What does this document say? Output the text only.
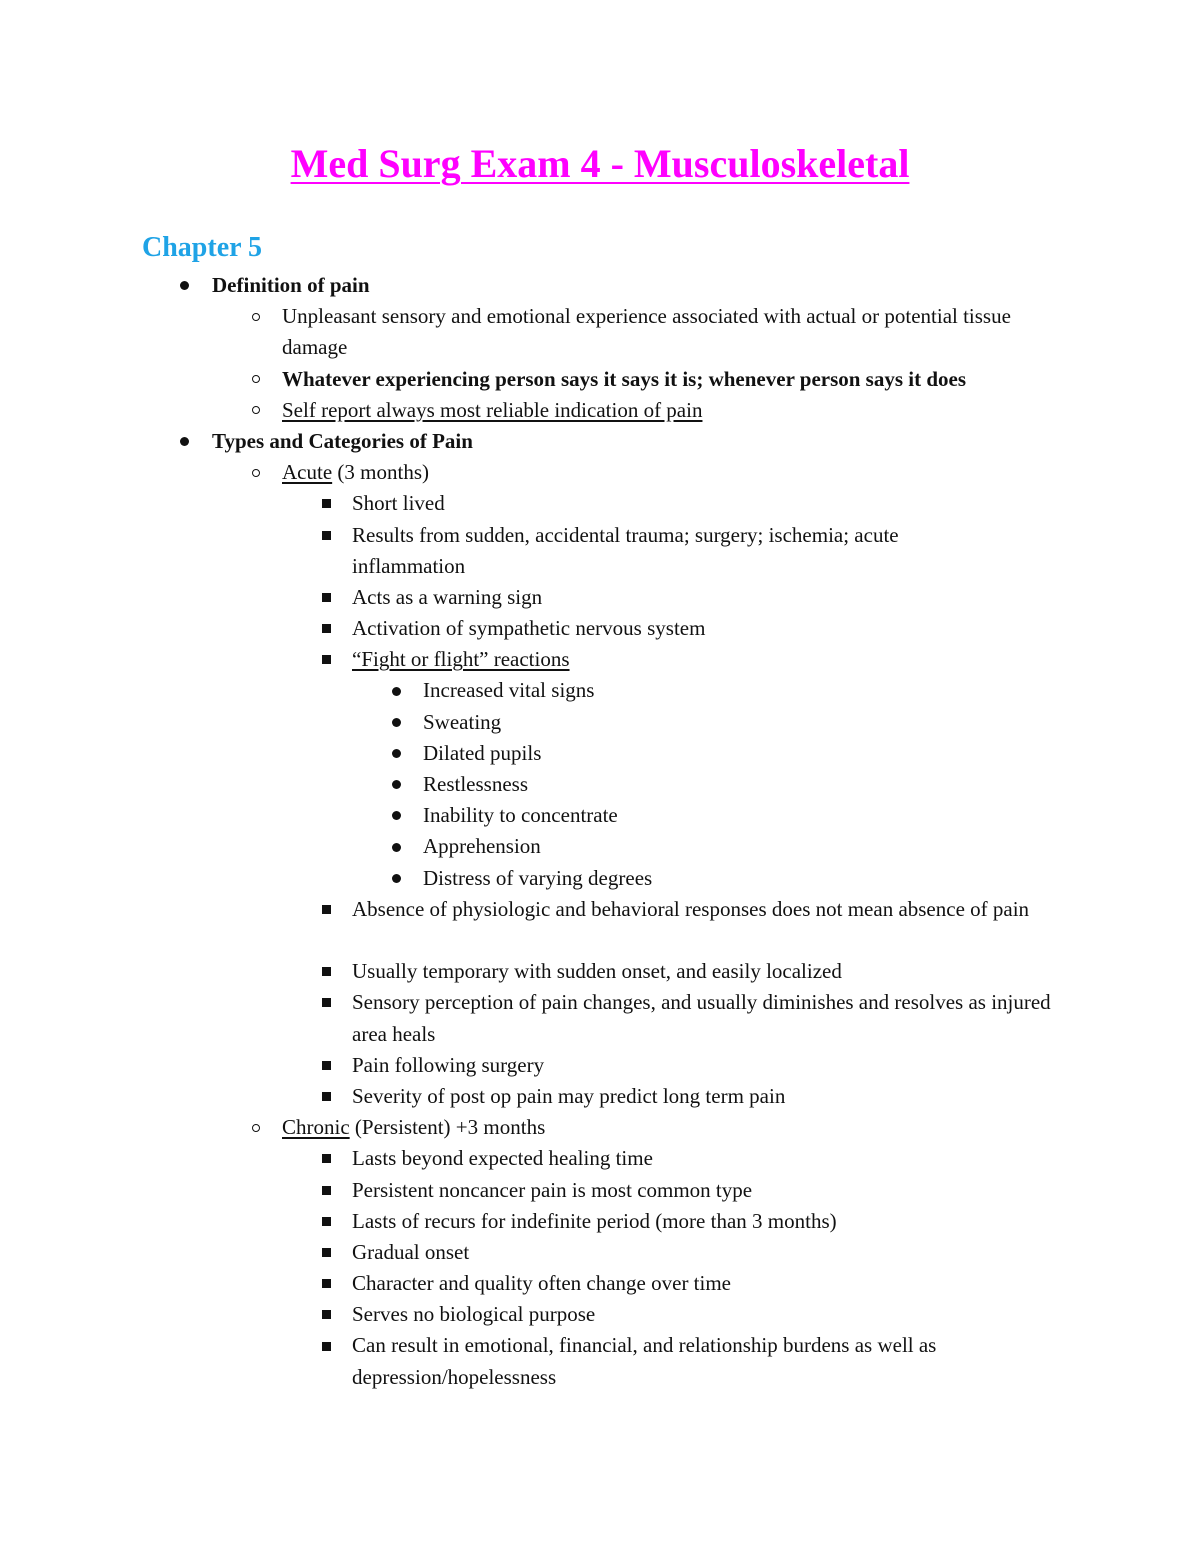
Med Surg Exam 4 - Musculoskeletal
Chapter 5
Definition of pain
Unpleasant sensory and emotional experience associated with actual or potential tissue damage
Whatever experiencing person says it says it is; whenever person says it does
Self report always most reliable indication of pain
Types and Categories of Pain
Acute (3 months)
Short lived
Results from sudden, accidental trauma; surgery; ischemia; acute inflammation
Acts as a warning sign
Activation of sympathetic nervous system
“Fight or flight” reactions
Increased vital signs
Sweating
Dilated pupils
Restlessness
Inability to concentrate
Apprehension
Distress of varying degrees
Absence of physiologic and behavioral responses does not mean absence of pain
Usually temporary with sudden onset, and easily localized
Sensory perception of pain changes, and usually diminishes and resolves as injured area heals
Pain following surgery
Severity of post op pain may predict long term pain
Chronic (Persistent) +3 months
Lasts beyond expected healing time
Persistent noncancer pain is most common type
Lasts of recurs for indefinite period (more than 3 months)
Gradual onset
Character and quality often change over time
Serves no biological purpose
Can result in emotional, financial, and relationship burdens as well as depression/hopelessness
